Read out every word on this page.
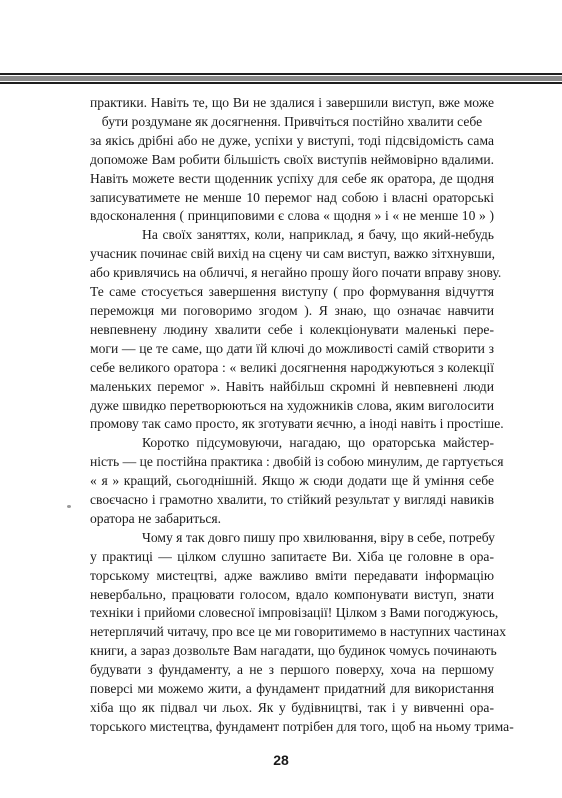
практики. Навіть те, що Ви не здалися і завершили виступ, вже може
бути роздумане як досягнення. Привчіться постійно хвалити себе
за якісь дрібні або не дуже, успіхи у виступі, тоді підсвідомість сама
допоможе Вам робити більшість своїх виступів неймовірно вдалими.
Навіть можете вести щоденник успіху для себе як оратора, де щодня
записуватимете не менше 10 перемог над собою і власні ораторські
вдосконалення ( принциповими є слова « щодня » і « не менше 10 » )

На своїх заняттях, коли, наприклад, я бачу, що який-небудь
учасник починає свій вихід на сцену чи сам виступ, важко зітхнувши,
або кривлячись на обличчі, я негайно прошу його почати вправу знову.
Те саме стосується завершення виступу ( про формування відчуття
переможця ми поговоримо згодом ). Я знаю, що означає навчити
невпевнену людину хвалити себе і колекціонувати маленькі пере-
моги — це те саме, що дати їй ключі до можливості самій створити з
себе великого оратора : « великі досягнення народжуються з колекції
маленьких перемог ». Навіть найбільш скромні й невпевнені люди
дуже швидко перетворюються на художників слова, яким виголосити
промову так само просто, як зготувати яєчню, а іноді навіть і простіше.

Коротко підсумовуючи, нагадаю, що ораторська майстер-
ність — це постійна практика : двобій із собою минулим, де гартується
« я » кращий, сьогоднішній. Якщо ж сюди додати ще й уміння себе
своєчасно і грамотно хвалити, то стійкий результат у вигляді навиків
оратора не забариться.

Чому я так довго пишу про хвилювання, віру в себе, потребу
у практиці — цілком слушно запитаєте Ви. Хіба це головне в ора-
торському мистецтві, адже важливо вміти передавати інформацію
невербально, працювати голосом, вдало компонувати виступ, знати
техніки і прийоми словесної імпровізації! Цілком з Вами погоджуюсь,
нетерплячий читачу, про все це ми говоритимемо в наступних частинах
книги, а зараз дозвольте Вам нагадати, що будинок чомусь починають
будувати з фундаменту, а не з першого поверху, хоча на першому
поверсі ми можемо жити, а фундамент придатний для використання
хіба що як підвал чи льох. Як у будівництві, так і у вивченні ора-
торського мистецтва, фундамент потрібен для того, щоб на ньому трима-

28
